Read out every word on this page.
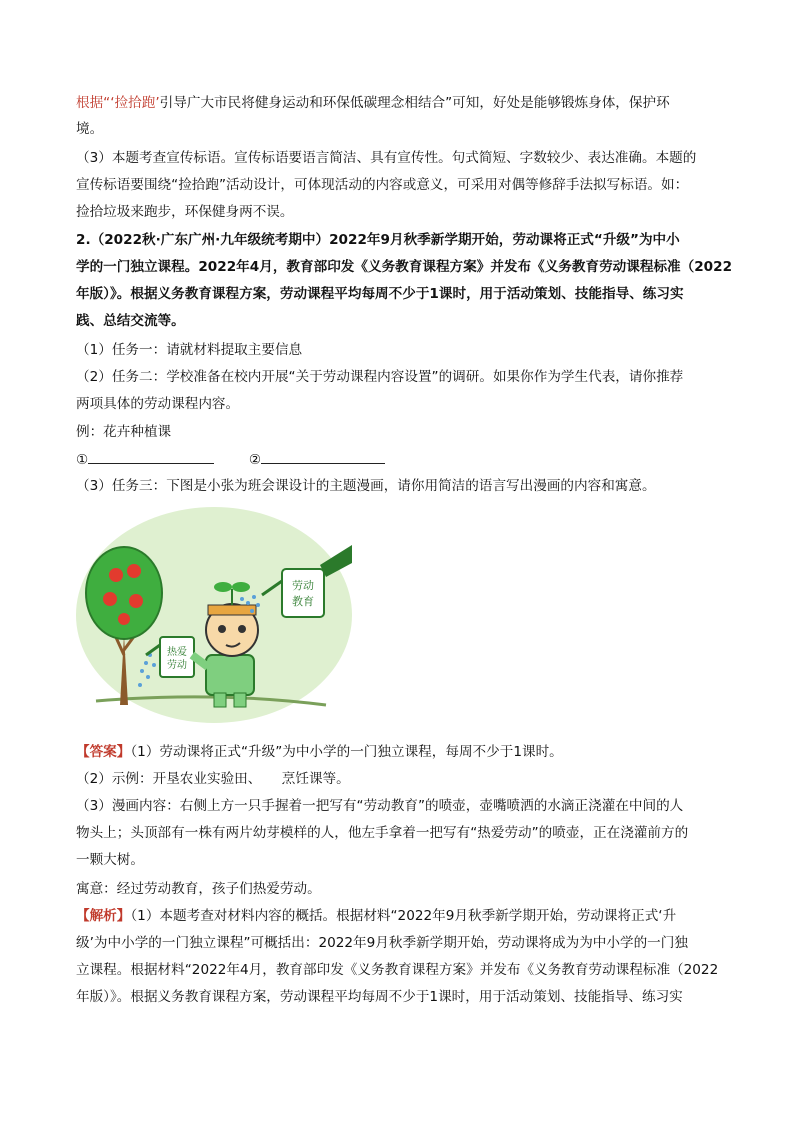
根据“‘捡拾跑’引导广大市民将健身运动和环保低碳理念相结合”可知，好处是能够锻炼身体，保护环
境。
（3）本题考查宣传标语。宣传标语要语言简洁、具有宣传性。句式简短、字数较少、表达准确。本题的
宣传标语要围绕“捡拾跑”活动设计，可体现活动的内容或意义，可采用对偶等修辞手法拟写标语。如：
捡拾垃圾来跑步，环保健身两不误。
2.（2022秋·广东广州·九年级统考期中）2022年9月秋季新学期开始，劳动课将正式“升级”为中小
学的一门独立课程。2022年4月，教育部印发《义务教育课程方案》并发布《义务教育劳动课程标准（2022
年版）》。根据义务教育课程方案，劳动课程平均每周不少于1课时，用于活动策划、技能指导、练习实
践、总结交流等。
（1）任务一：请就材料提取主要信息
（2）任务二：学校准备在校内开展“关于劳动课程内容设置”的调研。如果你作为学生代表，请你推荐
两项具体的劳动课程内容。
例：花卉种植课
①	②
（3）任务三：下图是小张为班会课设计的主题漫画，请你用简洁的语言写出漫画的内容和寓意。
热爱
劳动
劳动
教育
【答案】（1）劳动课将正式“升级”为中小学的一门独立课程，每周不少于1课时。
（2）示例：开垦农业实验田、　　烹饪课等。
（3）漫画内容：右侧上方一只手握着一把写有“劳动教育”的喷壶，壶嘴喷洒的水滴正浇灌在中间的人
物头上；头顶部有一株有两片幼芽模样的人，他左手拿着一把写有“热爱劳动”的喷壶，正在浇灌前方的
一颗大树。
寓意：经过劳动教育，孩子们热爱劳动。
【解析】（1）本题考查对材料内容的概括。根据材料“2022年9月秋季新学期开始，劳动课将正式‘升
级’为中小学的一门独立课程”可概括出：2022年9月秋季新学期开始，劳动课将成为为中小学的一门独
立课程。根据材料“2022年4月，教育部印发《义务教育课程方案》并发布《义务教育劳动课程标准（2022
年版）》。根据义务教育课程方案，劳动课程平均每周不少于1课时，用于活动策划、技能指导、练习实
